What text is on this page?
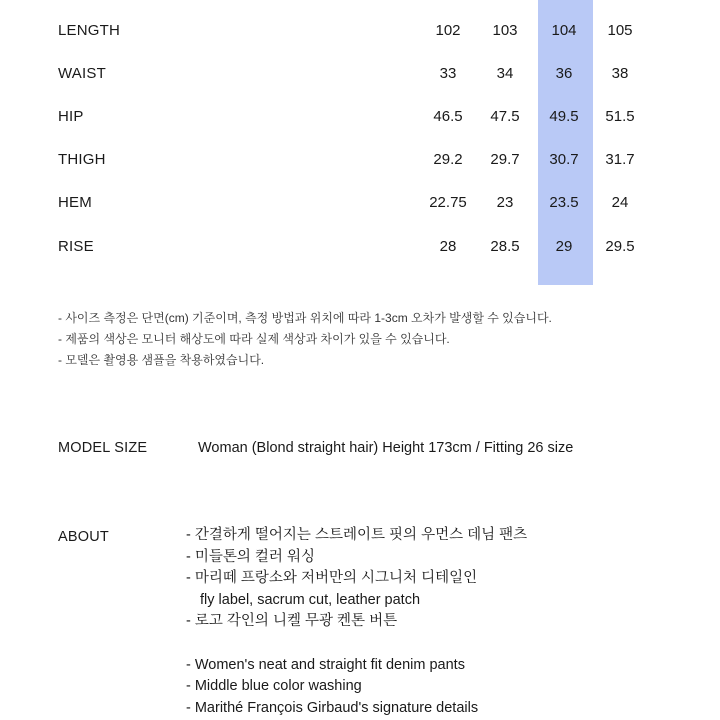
LENGTH	102	103	104	105
WAIST	33	34	36	38
HIP	46.5	47.5	49.5	51.5
THIGH	29.2	29.7	30.7	31.7
HEM	22.75	23	23.5	24
RISE	28	28.5	29	29.5
- 사이즈 측정은 단면(cm) 기준이며, 측정 방법과 위치에 따라 1-3cm 오차가 발생할 수 있습니다.
- 제품의 색상은 모니터 해상도에 따라 실제 색상과 차이가 있을 수 있습니다.
- 모델은 촬영용 샘플을 착용하였습니다.
MODEL SIZE	Woman (Blond straight hair) Height 173cm / Fitting 26 size
ABOUT	- 간결하게 떨어지는 스트레이트 핏의 우먼스 데님 팬츠
- 미들톤의 컬러 워싱
- 마리떼 프랑소와 저버만의 시그니처 디테일인
fly label, sacrum cut, leather patch
- 로고 각인의 니켈 무광 켄톤 버튼
- Women's neat and straight fit denim pants
- Middle blue color washing
- Marithé François Girbaud's signature details
